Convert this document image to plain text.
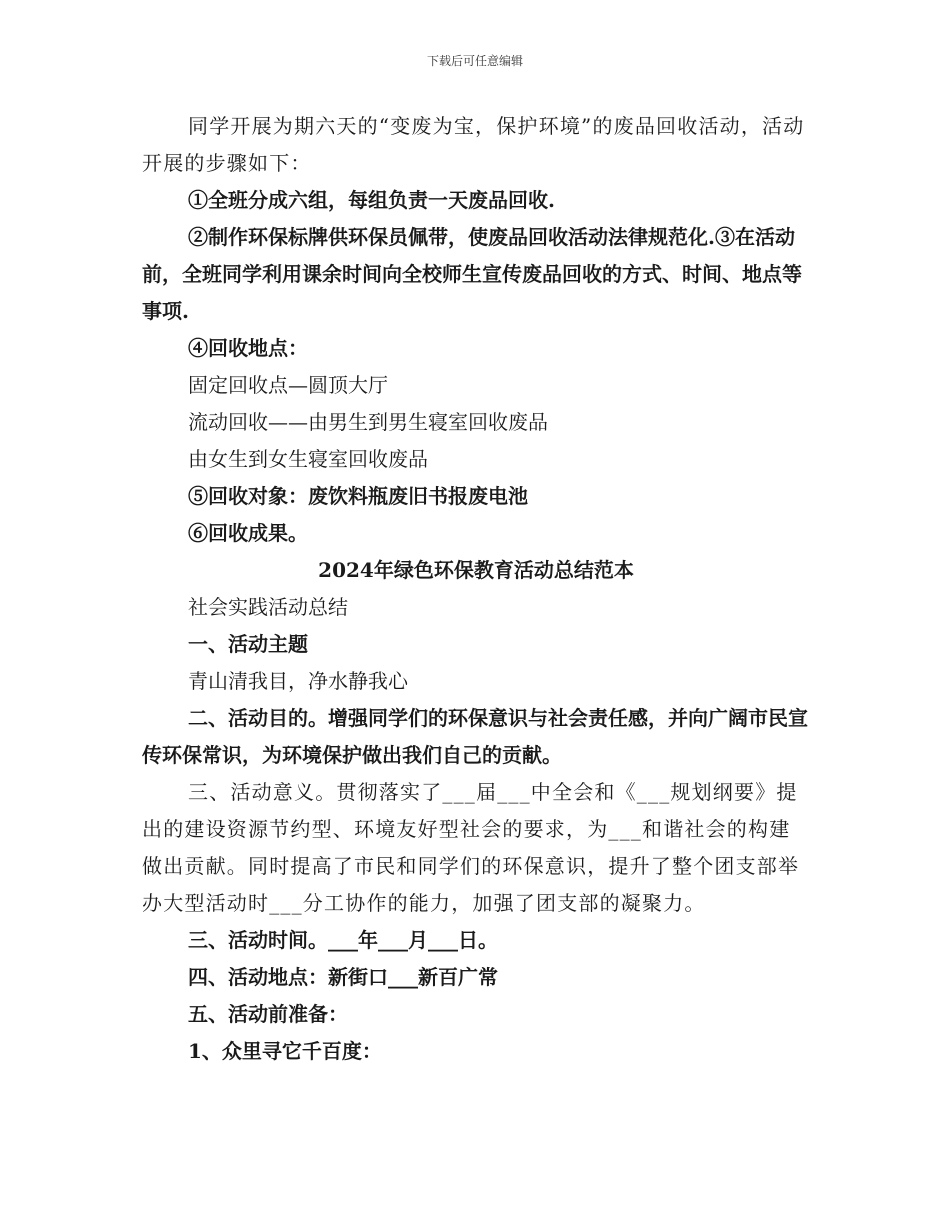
下载后可任意编辑

同学开展为期六天的“变废为宝，保护环境”的废品回收活动，活动开展的步骤如下：

①全班分成六组，每组负责一天废品回收.

②制作环保标牌供环保员佩带，使废品回收活动法律规范化.③在活动前，全班同学利用课余时间向全校师生宣传废品回收的方式、时间、地点等事项.

④回收地点：

固定回收点—圆顶大厅

流动回收——由男生到男生寝室回收废品

由女生到女生寝室回收废品

⑤回收对象：废饮料瓶废旧书报废电池

⑥回收成果。

2024年绿色环保教育活动总结范本

社会实践活动总结

一、活动主题

青山清我目，净水静我心

二、活动目的。增强同学们的环保意识与社会责任感，并向广阔市民宣传环保常识，为环境保护做出我们自己的贡献。

三、活动意义。贯彻落实了___届___中全会和《___规划纲要》提出的建设资源节约型、环境友好型社会的要求，为___和谐社会的构建做出贡献。同时提高了市民和同学们的环保意识，提升了整个团支部举办大型活动时___分工协作的能力，加强了团支部的凝聚力。

三、活动时间。___年___月___日。

四、活动地点：新街口___新百广常

五、活动前准备：

1、众里寻它千百度：
